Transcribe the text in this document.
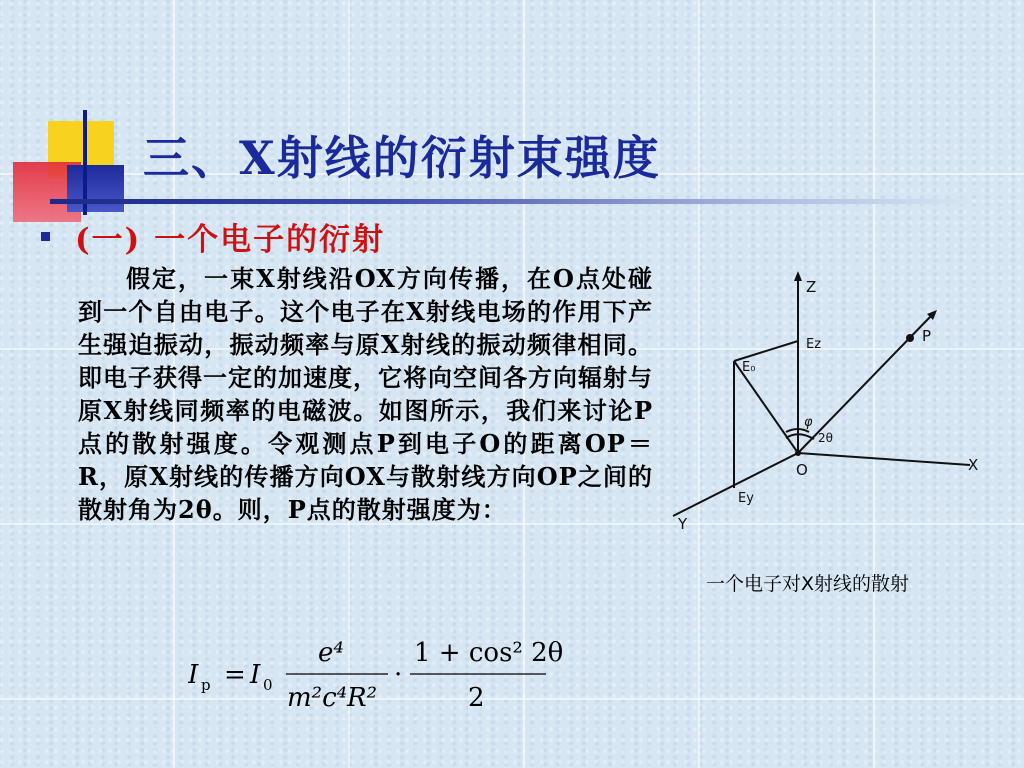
三、X射线的衍射束强度
(一) 一个电子的衍射

假定，一束X射线沿OX方向传播，在O点处碰到一个自由电子。这个电子在X射线电场的作用下产生强迫振动，振动频率与原X射线的振动频律相同。即电子获得一定的加速度，它将向空间各方向辐射与原X射线同频率的电磁波。如图所示，我们来讨论P点的散射强度。令观测点P到电子O的距离OP＝R，原X射线的传播方向OX与散射线方向OP之间的散射角为2θ。则，P点的散射强度为：

I p = I 0
e⁴
m²c⁴R²
·
1 + cos² 2θ
2
Z
X
Y
O
P
E₀
Ez
Ey
φ
2θ

一个电子对X射线的散射
